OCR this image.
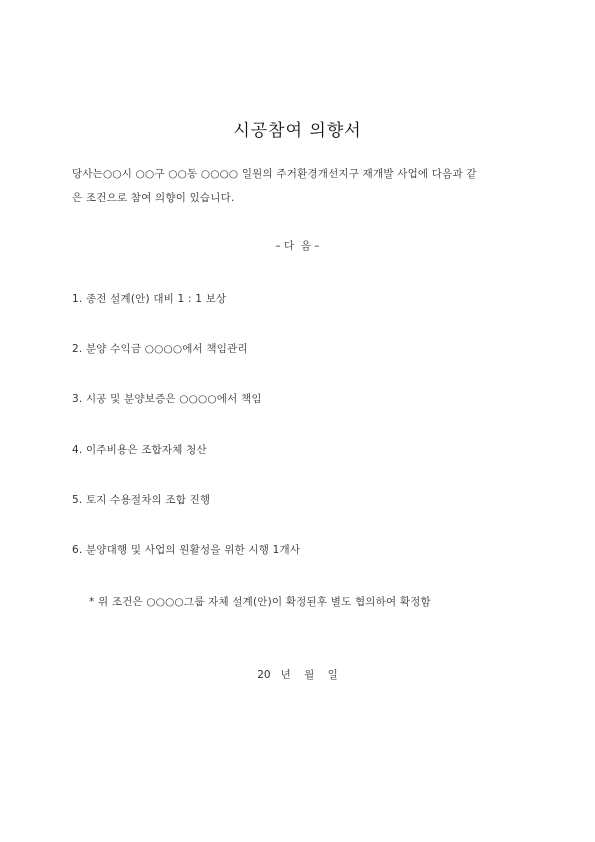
시공참여 의향서
당사는○○시 ○○구 ○○동 ○○○○ 일원의 주거환경개선지구 재개발 사업에 다음과 같
은 조건으로 참여 의향이 있습니다.
– 다  음 –
1. 종전 설계(안) 대비 1 : 1 보상
2. 분양 수익금 ○○○○에서 책임관리
3. 시공 및 분양보증은 ○○○○에서 책임
4. 이주비용은 조합자체 청산
5. 토지 수용절차의 조합 진행
6. 분양대행 및 사업의 원활성을 위한 시행 1개사
* 위 조건은 ○○○○그룹 자체 설계(안)이 확정된후 별도 협의하여 확정함
20   년    월    일
